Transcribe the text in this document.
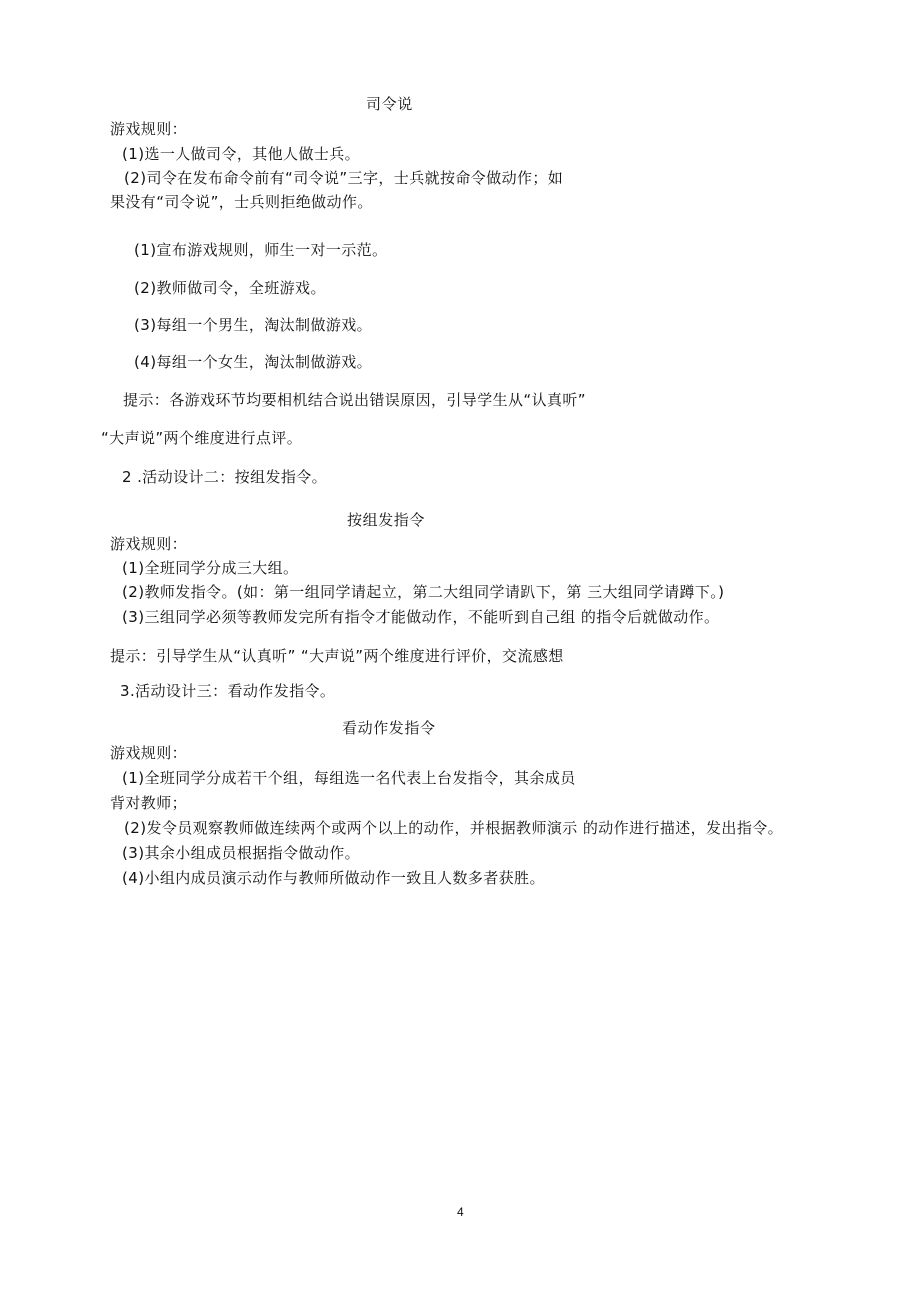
司令说
游戏规则：
(1)选一人做司令，其他人做士兵。
(2)司令在发布命令前有“司令说”三字，士兵就按命令做动作；如
果没有“司令说”，士兵则拒绝做动作。
(1)宣布游戏规则，师生一对一示范。
(2)教师做司令，全班游戏。
(3)每组一个男生，淘汰制做游戏。
(4)每组一个女生，淘汰制做游戏。
提示：各游戏环节均要相机结合说出错误原因，引导学生从“认真听”
“大声说”两个维度进行点评。
2 .活动设计二：按组发指令。
按组发指令
游戏规则：
(1)全班同学分成三大组。
(2)教师发指令。(如：第一组同学请起立，第二大组同学请趴下，第 三大组同学请蹲下。)
(3)三组同学必须等教师发完所有指令才能做动作，不能听到自己组 的指令后就做动作。
提示：引导学生从“认真听” “大声说”两个维度进行评价，交流感想
3.活动设计三：看动作发指令。
看动作发指令
游戏规则：
(1)全班同学分成若干个组，每组选一名代表上台发指令，其余成员
背对教师；
(2)发令员观察教师做连续两个或两个以上的动作，并根据教师演示 的动作进行描述，发出指令。
(3)其余小组成员根据指令做动作。
(4)小组内成员演示动作与教师所做动作一致且人数多者获胜。
4
